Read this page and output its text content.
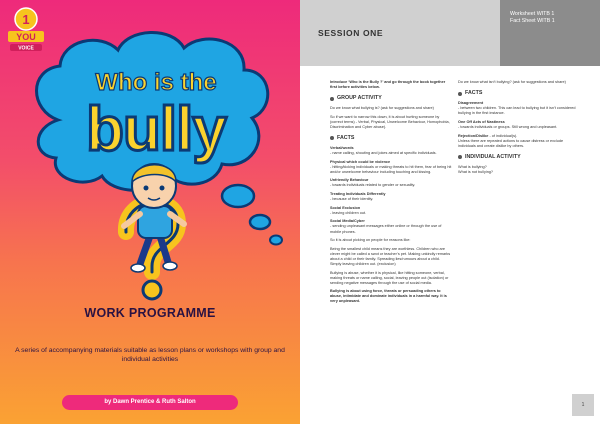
Who is the
bully
1
YOU
VOICE
WORK PROGRAMME
A series of accompanying materials suitable as lesson plans or workshops with group and individual activities
by Dawn Prentice & Ruth Salton
SESSION ONE
Worksheet WITB 1
Fact Sheet WITB 1

Introduce ‘Who is the Bully ?’ and go through the book together first before activities below.

GROUP ACTIVITY

Do we know what bullying is? (ask for suggestions and share)

So if we want to narrow this down, it is about hurting someone by (correct terms) - Verbal, Physical, Unwelcome Behaviour, Homophobia, Discrimination and Cyber abuse).

FACTS

Verbal/words
- name calling, shouting and jokes aimed at specific individuals.

Physical which could be violence
- hitting/kicking individuals or making threats to hit them, fear of being hit and/or unwelcome behaviour including touching and kissing.

Unfriendly Behaviour
- towards individuals related to gender or sexuality.

Treating Individuals Differently
- because of their identity.

Social Exclusion
- leaving children out.

Social Media/Cyber
- sending unpleasant messages either online or through the use of mobile phones.

So it is about picking on people for reasons like:

Being the smallest child means they are worthless. Children who are clever might be called a swot or teacher’s pet. Making unkindly remarks about a child or their family. Spreading lies/rumours about a child. Simply leaving children out. (exclusion)

Bullying is abuse, whether it is physical, like hitting someone, verbal, making threats or name calling, social, leaving people out (isolation) or sending negative messages through the use of social media.

Bullying is about using force, threats or persuading others to abuse, intimidate and dominate individuals in a harmful way. It is very unpleasant.

Do we know what isn’t bullying? (ask for suggestions and share)

FACTS

Disagreement
- between two children. This can lead to bullying but it isn’t considered bullying in the first instance.

One Off Acts of Nastiness
- towards individuals or groups. Still wrong and unpleasant.

Rejection/Dislike - of individual(s).
Unless there are repeated actions to cause distress or exclude individuals and create dislike by others.

INDIVIDUAL ACTIVITY

What is bullying?
What is not bullying?

1
